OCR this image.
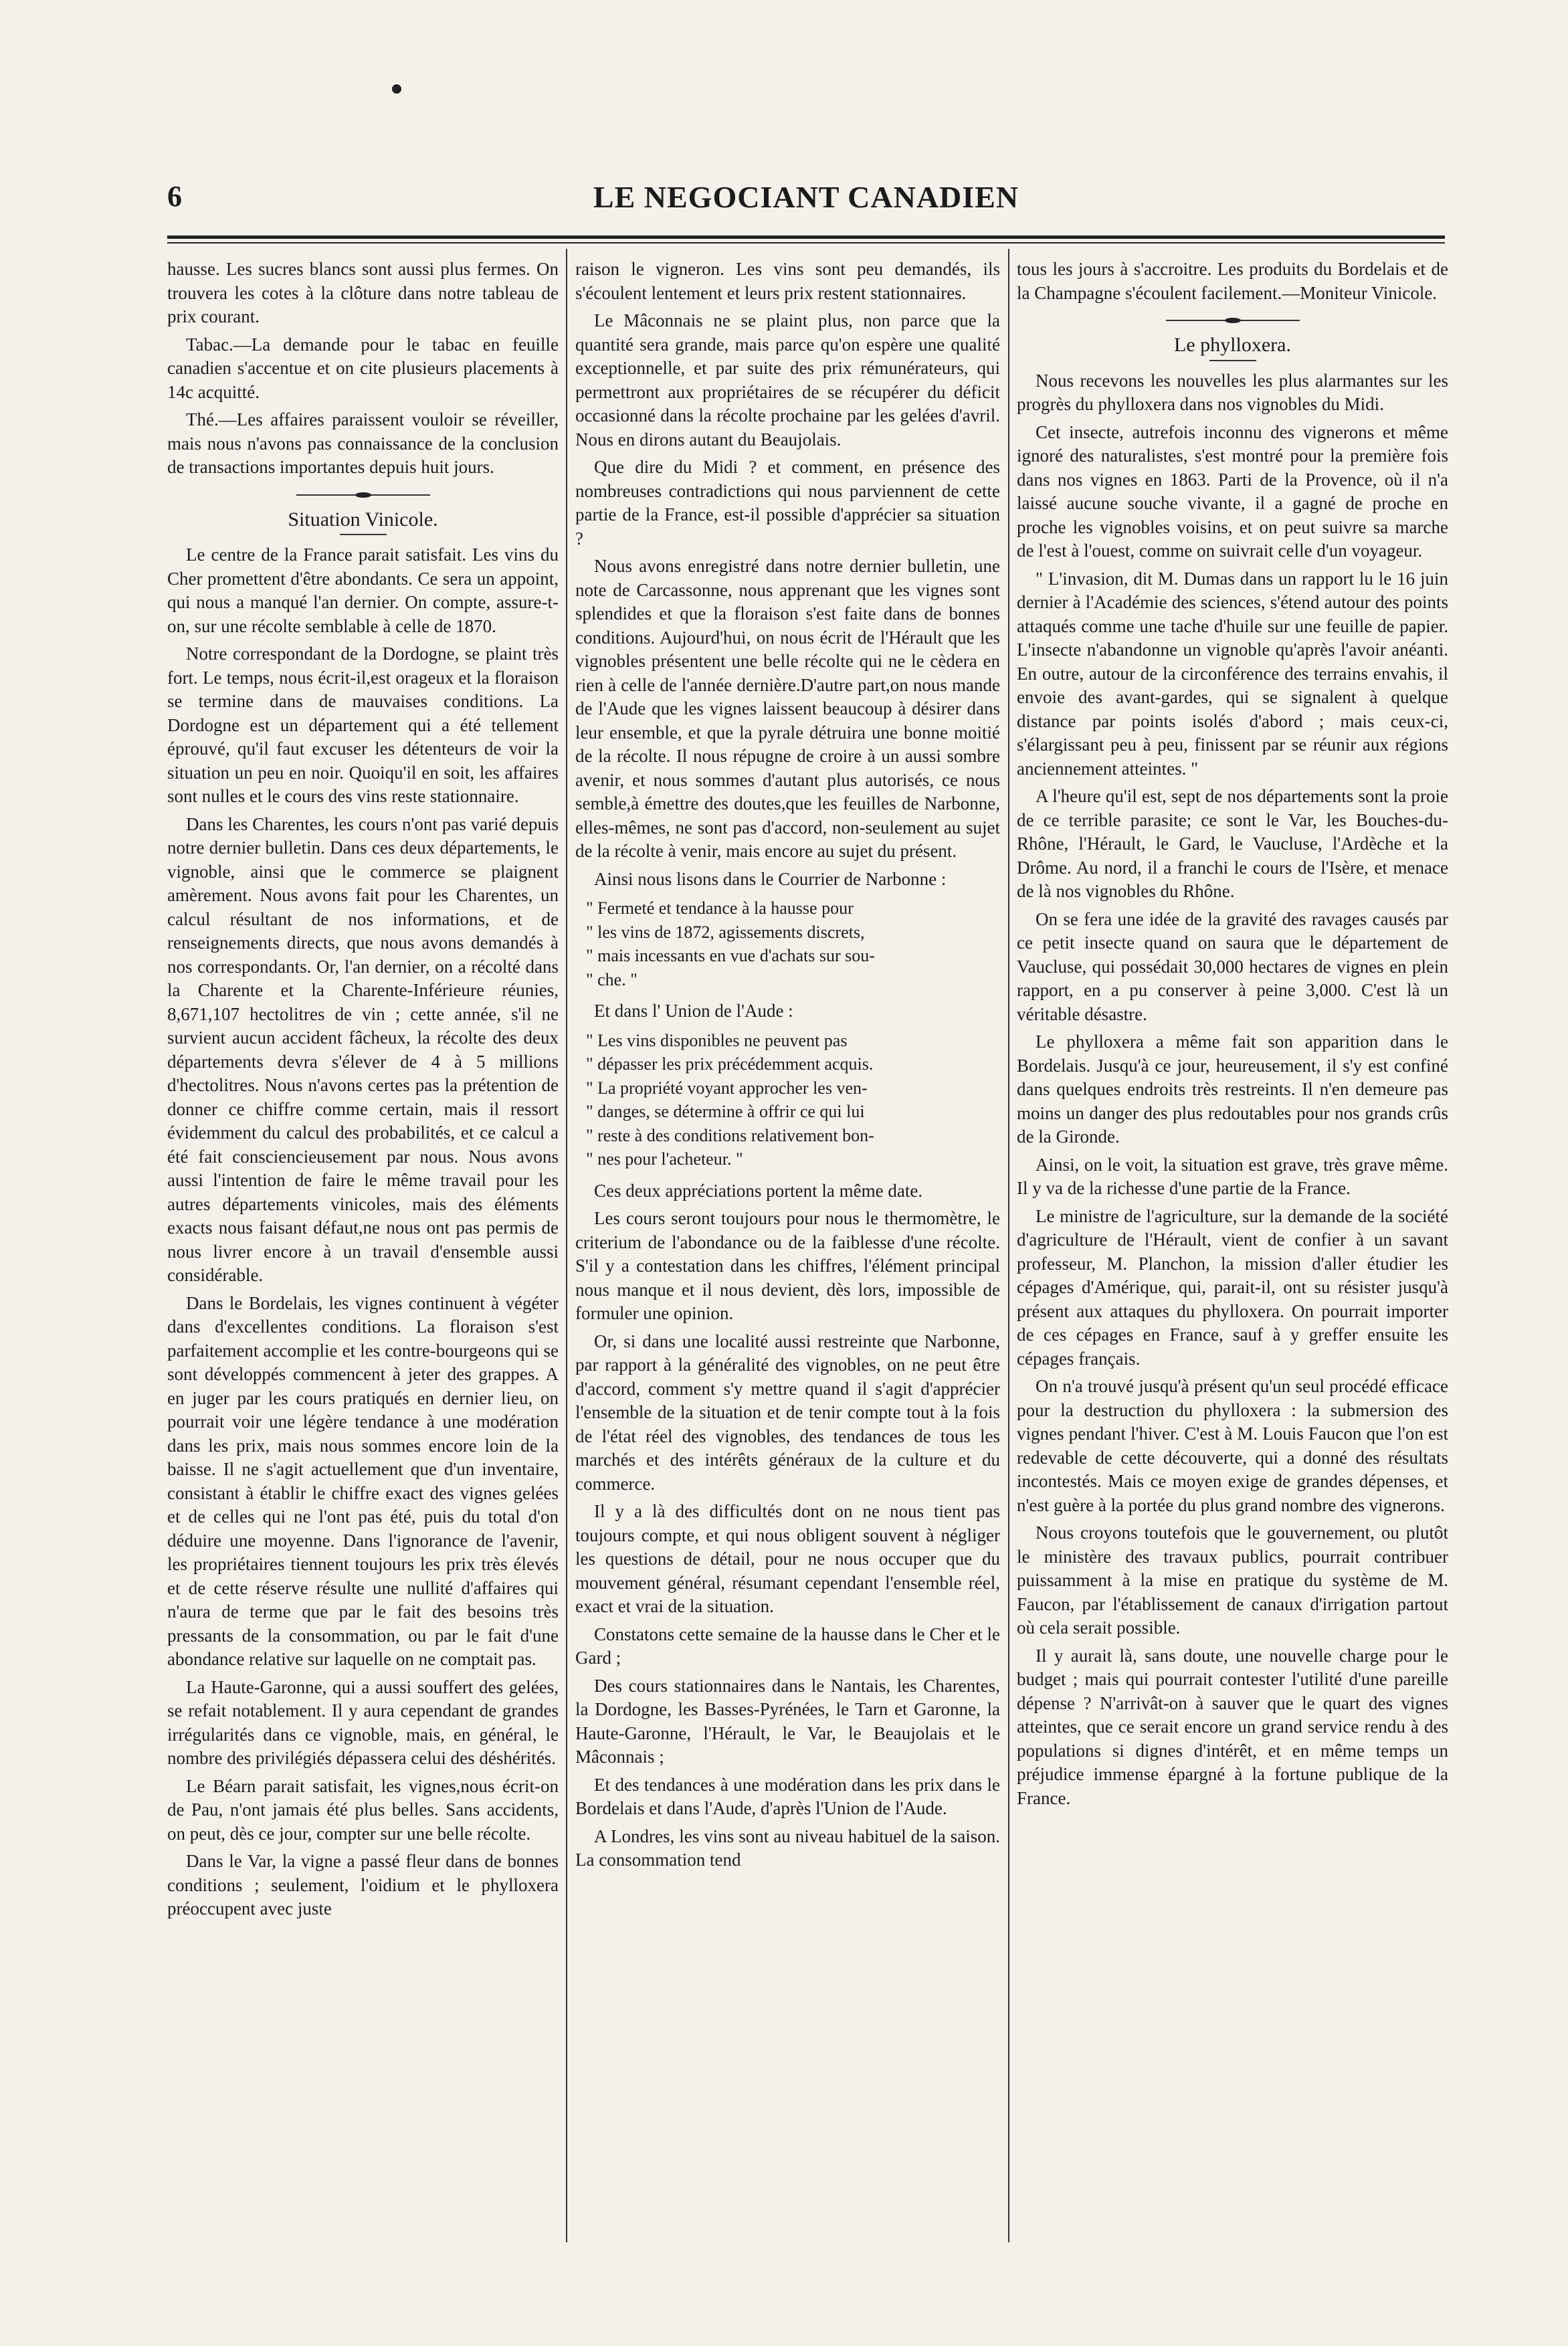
6	LE NEGOCIANT CANADIEN

hausse. Les sucres blancs sont aussi plus fermes. On trouvera les cotes à la clôture dans notre tableau de prix courant.

Tabac.—La demande pour le tabac en feuille canadien s'accentue et on cite plusieurs placements à 14c acquitté.

Thé.—Les affaires paraissent vouloir se réveiller, mais nous n'avons pas connaissance de la conclusion de transactions importantes depuis huit jours.

Situation Vinicole.

Le centre de la France parait satisfait. Les vins du Cher promettent d'être abondants. Ce sera un appoint, qui nous a manqué l'an dernier. On compte, assure-t-on, sur une récolte semblable à celle de 1870.

Notre correspondant de la Dordogne, se plaint très fort. Le temps, nous écrit-il,est orageux et la floraison se termine dans de mauvaises conditions. La Dordogne est un département qui a été tellement éprouvé, qu'il faut excuser les détenteurs de voir la situation un peu en noir. Quoiqu'il en soit, les affaires sont nulles et le cours des vins reste stationnaire.

Dans les Charentes, les cours n'ont pas varié depuis notre dernier bulletin. Dans ces deux départements, le vignoble, ainsi que le commerce se plaignent amèrement. Nous avons fait pour les Charentes, un calcul résultant de nos informations, et de renseignements directs, que nous avons demandés à nos correspondants. Or, l'an dernier, on a récolté dans la Charente et la Charente-Inférieure réunies, 8,671,107 hectolitres de vin ; cette année, s'il ne survient aucun accident fâcheux, la récolte des deux départements devra s'élever de 4 à 5 millions d'hectolitres. Nous n'avons certes pas la prétention de donner ce chiffre comme certain, mais il ressort évidemment du calcul des probabilités, et ce calcul a été fait consciencieusement par nous. Nous avons aussi l'intention de faire le même travail pour les autres départements vinicoles, mais des éléments exacts nous faisant défaut,ne nous ont pas permis de nous livrer encore à un travail d'ensemble aussi considérable.

Dans le Bordelais, les vignes continuent à végéter dans d'excellentes conditions. La floraison s'est parfaitement accomplie et les contre-bourgeons qui se sont développés commencent à jeter des grappes. A en juger par les cours pratiqués en dernier lieu, on pourrait voir une légère tendance à une modération dans les prix, mais nous sommes encore loin de la baisse. Il ne s'agit actuellement que d'un inventaire, consistant à établir le chiffre exact des vignes gelées et de celles qui ne l'ont pas été, puis du total d'on déduire une moyenne. Dans l'ignorance de l'avenir, les propriétaires tiennent toujours les prix très élevés et de cette réserve résulte une nullité d'affaires qui n'aura de terme que par le fait des besoins très pressants de la consommation, ou par le fait d'une abondance relative sur laquelle on ne comptait pas.

La Haute-Garonne, qui a aussi souffert des gelées, se refait notablement. Il y aura cependant de grandes irrégularités dans ce vignoble, mais, en général, le nombre des privilégiés dépassera celui des déshérités.

Le Béarn parait satisfait, les vignes,nous écrit-on de Pau, n'ont jamais été plus belles. Sans accidents, on peut, dès ce jour, compter sur une belle récolte.

Dans le Var, la vigne a passé fleur dans de bonnes conditions ; seulement, l'oidium et le phylloxera préoccupent avec juste

raison le vigneron. Les vins sont peu demandés, ils s'écoulent lentement et leurs prix restent stationnaires.

Le Mâconnais ne se plaint plus, non parce que la quantité sera grande, mais parce qu'on espère une qualité exceptionnelle, et par suite des prix rémunérateurs, qui permettront aux propriétaires de se récupérer du déficit occasionné dans la récolte prochaine par les gelées d'avril. Nous en dirons autant du Beaujolais.

Que dire du Midi ? et comment, en présence des nombreuses contradictions qui nous parviennent de cette partie de la France, est-il possible d'apprécier sa situation ?

Nous avons enregistré dans notre dernier bulletin, une note de Carcassonne, nous apprenant que les vignes sont splendides et que la floraison s'est faite dans de bonnes conditions. Aujourd'hui, on nous écrit de l'Hérault que les vignobles présentent une belle récolte qui ne le cèdera en rien à celle de l'année dernière.D'autre part,on nous mande de l'Aude que les vignes laissent beaucoup à désirer dans leur ensemble, et que la pyrale détruira une bonne moitié de la récolte. Il nous répugne de croire à un aussi sombre avenir, et nous sommes d'autant plus autorisés, ce nous semble,à émettre des doutes,que les feuilles de Narbonne, elles-mêmes, ne sont pas d'accord, non-seulement au sujet de la récolte à venir, mais encore au sujet du présent.

Ainsi nous lisons dans le Courrier de Narbonne :

" Fermeté et tendance à la hausse pour

" les vins de 1872, agissements discrets,

" mais incessants en vue d'achats sur sou-

" che. "

Et dans l' Union de l'Aude :

" Les vins disponibles ne peuvent pas

" dépasser les prix précédemment acquis.

" La propriété voyant approcher les ven-

" danges, se détermine à offrir ce qui lui

" reste à des conditions relativement bon-

" nes pour l'acheteur. "

Ces deux appréciations portent la même date.

Les cours seront toujours pour nous le thermomètre, le criterium de l'abondance ou de la faiblesse d'une récolte. S'il y a contestation dans les chiffres, l'élément principal nous manque et il nous devient, dès lors, impossible de formuler une opinion.

Or, si dans une localité aussi restreinte que Narbonne, par rapport à la généralité des vignobles, on ne peut être d'accord, comment s'y mettre quand il s'agit d'apprécier l'ensemble de la situation et de tenir compte tout à la fois de l'état réel des vignobles, des tendances de tous les marchés et des intérêts généraux de la culture et du commerce.

Il y a là des difficultés dont on ne nous tient pas toujours compte, et qui nous obligent souvent à négliger les questions de détail, pour ne nous occuper que du mouvement général, résumant cependant l'ensemble réel, exact et vrai de la situation.

Constatons cette semaine de la hausse dans le Cher et le Gard ;

Des cours stationnaires dans le Nantais, les Charentes, la Dordogne, les Basses-Pyrénées, le Tarn et Garonne, la Haute-Garonne, l'Hérault, le Var, le Beaujolais et le Mâconnais ;

Et des tendances à une modération dans les prix dans le Bordelais et dans l'Aude, d'après l'Union de l'Aude.

A Londres, les vins sont au niveau habituel de la saison. La consommation tend

tous les jours à s'accroitre. Les produits du Bordelais et de la Champagne s'écoulent facilement.—Moniteur Vinicole.

Le phylloxera.

Nous recevons les nouvelles les plus alarmantes sur les progrès du phylloxera dans nos vignobles du Midi.

Cet insecte, autrefois inconnu des vignerons et même ignoré des naturalistes, s'est montré pour la première fois dans nos vignes en 1863. Parti de la Provence, où il n'a laissé aucune souche vivante, il a gagné de proche en proche les vignobles voisins, et on peut suivre sa marche de l'est à l'ouest, comme on suivrait celle d'un voyageur.

" L'invasion, dit M. Dumas dans un rapport lu le 16 juin dernier à l'Académie des sciences, s'étend autour des points attaqués comme une tache d'huile sur une feuille de papier. L'insecte n'abandonne un vignoble qu'après l'avoir anéanti. En outre, autour de la circonférence des terrains envahis, il envoie des avant-gardes, qui se signalent à quelque distance par points isolés d'abord ; mais ceux-ci, s'élargissant peu à peu, finissent par se réunir aux régions anciennement atteintes. "

A l'heure qu'il est, sept de nos départements sont la proie de ce terrible parasite; ce sont le Var, les Bouches-du-Rhône, l'Hérault, le Gard, le Vaucluse, l'Ardèche et la Drôme. Au nord, il a franchi le cours de l'Isère, et menace de là nos vignobles du Rhône.

On se fera une idée de la gravité des ravages causés par ce petit insecte quand on saura que le département de Vaucluse, qui possédait 30,000 hectares de vignes en plein rapport, en a pu conserver à peine 3,000. C'est là un véritable désastre.

Le phylloxera a même fait son apparition dans le Bordelais. Jusqu'à ce jour, heureusement, il s'y est confiné dans quelques endroits très restreints. Il n'en demeure pas moins un danger des plus redoutables pour nos grands crûs de la Gironde.

Ainsi, on le voit, la situation est grave, très grave même. Il y va de la richesse d'une partie de la France.

Le ministre de l'agriculture, sur la demande de la société d'agriculture de l'Hérault, vient de confier à un savant professeur, M. Planchon, la mission d'aller étudier les cépages d'Amérique, qui, parait-il, ont su résister jusqu'à présent aux attaques du phylloxera. On pourrait importer de ces cépages en France, sauf à y greffer ensuite les cépages français.

On n'a trouvé jusqu'à présent qu'un seul procédé efficace pour la destruction du phylloxera : la submersion des vignes pendant l'hiver. C'est à M. Louis Faucon que l'on est redevable de cette découverte, qui a donné des résultats incontestés. Mais ce moyen exige de grandes dépenses, et n'est guère à la portée du plus grand nombre des vignerons.

Nous croyons toutefois que le gouvernement, ou plutôt le ministère des travaux publics, pourrait contribuer puissamment à la mise en pratique du système de M. Faucon, par l'établissement de canaux d'irrigation partout où cela serait possible.

Il y aurait là, sans doute, une nouvelle charge pour le budget ; mais qui pourrait contester l'utilité d'une pareille dépense ? N'arrivât-on à sauver que le quart des vignes atteintes, que ce serait encore un grand service rendu à des populations si dignes d'intérêt, et en même temps un préjudice immense épargné à la fortune publique de la France.
